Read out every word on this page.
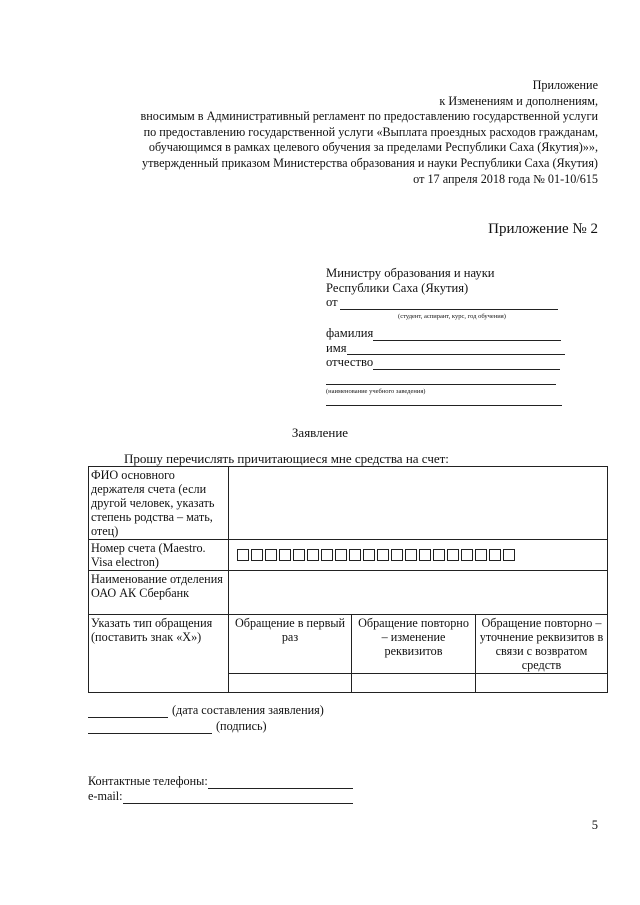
Приложение
к Изменениям и дополнениям,
вносимым в Административный регламент по предоставлению государственной услуги
по предоставлению государственной услуги «Выплата проездных расходов гражданам,
обучающимся в рамках целевого обучения за пределами Республики Саха (Якутия)»»,
утвержденный приказом Министерства образования и науки Республики Саха (Якутия)
от 17 апреля 2018 года № 01-10/615
Приложение № 2
Министру образования и науки
Республики Саха (Якутия)
от
(студент, аспирант, курс, год обучения)
фамилия
имя
отчество
(наименование учебного заведения)
Заявление
Прошу перечислять причитающиеся мне средства на счет:
ФИО основного держателя счета (если другой человек, указать степень родства – мать, отец)			
Номер счета (Maestro. Visa electron)			

Наименование отделения ОАО АК Сбербанк			
Указать тип обращения (поставить знак «Х»)	Обращение в первый раз	Обращение повторно – изменение реквизитов	Обращение повторно – уточнение реквизитов в связи с возвратом средств

(дата составления заявления)
(подпись)
Контактные телефоны:
e-mail:
5
